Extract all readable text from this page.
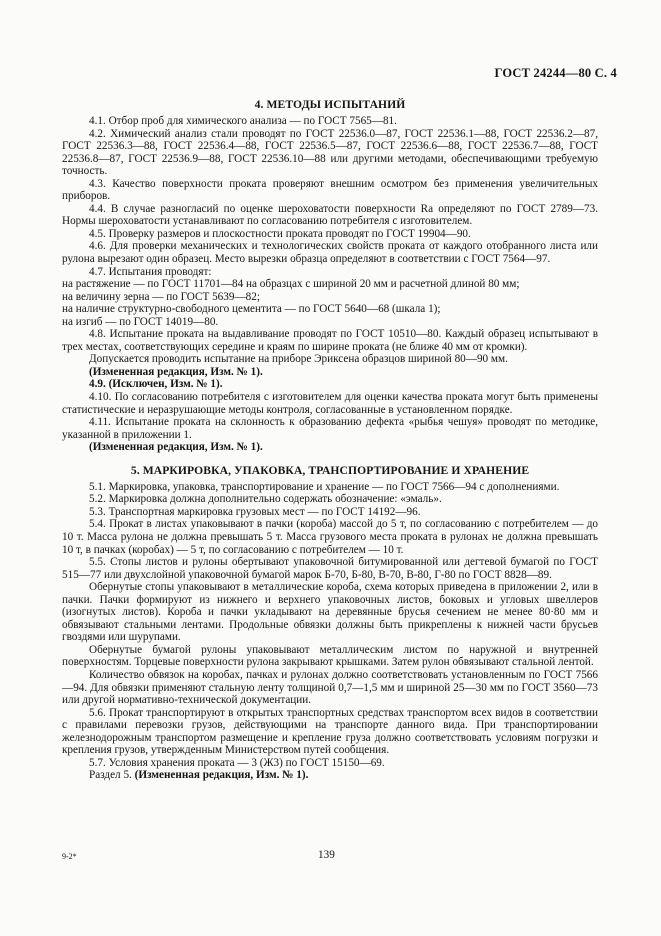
ГОСТ 24244—80 С. 4
4. МЕТОДЫ ИСПЫТАНИЙ

4.1. Отбор проб для химического анализа — по ГОСТ 7565—81.

4.2. Химический анализ стали проводят по ГОСТ 22536.0—87, ГОСТ 22536.1—88, ГОСТ 22536.2—87, ГОСТ 22536.3—88, ГОСТ 22536.4—88, ГОСТ 22536.5—87, ГОСТ 22536.6—88, ГОСТ 22536.7—88, ГОСТ 22536.8—87, ГОСТ 22536.9—88, ГОСТ 22536.10—88 или другими методами, обеспечивающими требуемую точность.

4.3. Качество поверхности проката проверяют внешним осмотром без применения увеличительных приборов.

4.4. В случае разногласий по оценке шероховатости поверхности Ra определяют по ГОСТ 2789—73. Нормы шероховатости устанавливают по согласованию потребителя с изготовителем.

4.5. Проверку размеров и плоскостности проката проводят по ГОСТ 19904—90.

4.6. Для проверки механических и технологических свойств проката от каждого отобранного листа или рулона вырезают один образец. Место вырезки образца определяют в соответствии с ГОСТ 7564—97.

4.7. Испытания проводят:

на растяжение — по ГОСТ 11701—84 на образцах с шириной 20 мм и расчетной длиной 80 мм;

на величину зерна — по ГОСТ 5639—82;

на наличие структурно-свободного цементита — по ГОСТ 5640—68 (шкала 1);

на изгиб — по ГОСТ 14019—80.

4.8. Испытание проката на выдавливание проводят по ГОСТ 10510—80. Каждый образец испытывают в трех местах, соответствующих середине и краям по ширине проката (не ближе 40 мм от кромки).

Допускается проводить испытание на приборе Эриксена образцов шириной 80—90 мм.

(Измененная редакция, Изм. № 1).

4.9. (Исключен, Изм. № 1).

4.10. По согласованию потребителя с изготовителем для оценки качества проката могут быть применены статистические и неразрушающие методы контроля, согласованные в установленном порядке.

4.11. Испытание проката на склонность к образованию дефекта «рыбья чешуя» проводят по методике, указанной в приложении 1.

(Измененная редакция, Изм. № 1).

5. МАРКИРОВКА, УПАКОВКА, ТРАНСПОРТИРОВАНИЕ И ХРАНЕНИЕ

5.1. Маркировка, упаковка, транспортирование и хранение — по ГОСТ 7566—94 с дополнениями.

5.2. Маркировка должна дополнительно содержать обозначение: «эмаль».

5.3. Транспортная маркировка грузовых мест — по ГОСТ 14192—96.

5.4. Прокат в листах упаковывают в пачки (короба) массой до 5 т, по согласованию с потребителем — до 10 т. Масса рулона не должна превышать 5 т. Масса грузового места проката в рулонах не должна превышать 10 т, в пачках (коробах) — 5 т, по согласованию с потребителем — 10 т.

5.5. Стопы листов и рулоны обертывают упаковочной битумированной или дегтевой бумагой по ГОСТ 515—77 или двухслойной упаковочной бумагой марок Б-70, Б-80, В-70, В-80, Г-80 по ГОСТ 8828—89.

Обернутые стопы упаковывают в металлические короба, схема которых приведена в приложении 2, или в пачки. Пачки формируют из нижнего и верхнего упаковочных листов, боковых и угловых швеллеров (изогнутых листов). Короба и пачки укладывают на деревянные брусья сечением не менее 80·80 мм и обвязывают стальными лентами. Продольные обвязки должны быть прикреплены к нижней части брусьев гвоздями или шурупами.

Обернутые бумагой рулоны упаковывают металлическим листом по наружной и внутренней поверхностям. Торцевые поверхности рулона закрывают крышками. Затем рулон обвязывают стальной лентой.

Количество обвязок на коробах, пачках и рулонах должно соответствовать установленным по ГОСТ 7566—94. Для обвязки применяют стальную ленту толщиной 0,7—1,5 мм и шириной 25—30 мм по ГОСТ 3560—73 или другой нормативно-технической документации.

5.6. Прокат транспортируют в открытых транспортных средствах транспортом всех видов в соответствии с правилами перевозки грузов, действующими на транспорте данного вида. При транспортировании железнодорожным транспортом размещение и крепление груза должно соответствовать условиям погрузки и крепления грузов, утвержденным Министерством путей сообщения.

5.7. Условия хранения проката — 3 (Ж3) по ГОСТ 15150—69.

Раздел 5. (Измененная редакция, Изм. № 1).

9-2*	139
